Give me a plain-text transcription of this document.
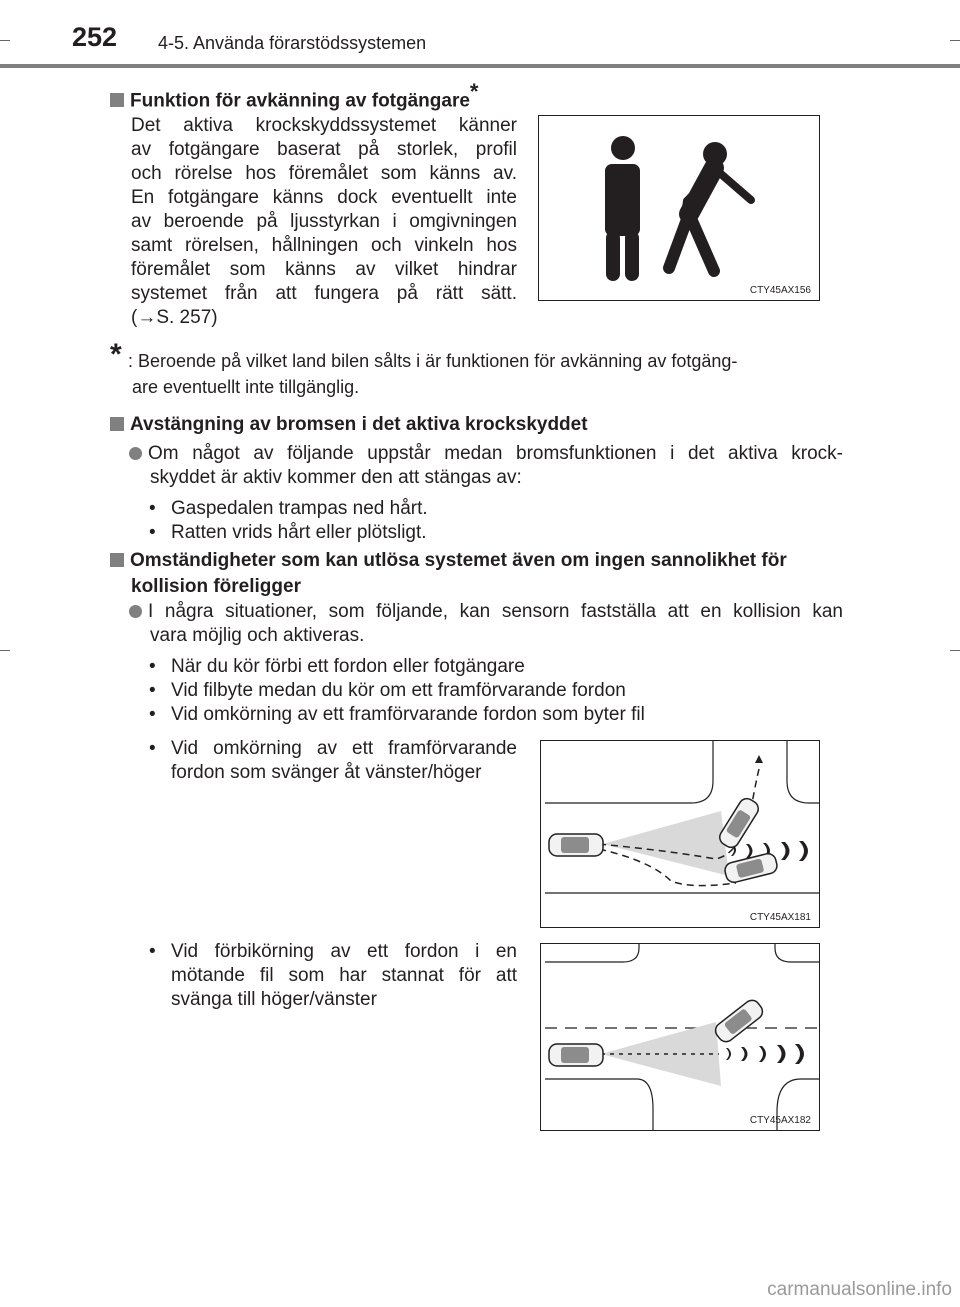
252 4-5. Använda förarstödssystemen
Funktion för avkänning av fotgängare*
Det aktiva krockskyddssystemet känner
av fotgängare baserat på storlek, profil
och rörelse hos föremålet som känns av.
En fotgängare känns dock eventuellt inte
av beroende på ljusstyrkan i omgivningen
samt rörelsen, hållningen och vinkeln hos
föremålet som känns av vilket hindrar
systemet från att fungera på rätt sätt.
(→S. 257)
CTY45AX156
* : Beroende på vilket land bilen sålts i är funktionen för avkänning av fotgäng-
are eventuellt inte tillgänglig.
Avstängning av bromsen i det aktiva krockskyddet
Om något av följande uppstår medan bromsfunktionen i det aktiva krock-
skyddet är aktiv kommer den att stängas av:
• Gaspedalen trampas ned hårt.
• Ratten vrids hårt eller plötsligt.
Omständigheter som kan utlösa systemet även om ingen sannolikhet för
kollision föreligger
I några situationer, som följande, kan sensorn fastställa att en kollision kan
vara möjlig och aktiveras.
• När du kör förbi ett fordon eller fotgängare
• Vid filbyte medan du kör om ett framförvarande fordon
• Vid omkörning av ett framförvarande fordon som byter fil
• Vid omkörning av ett framförvarande
fordon som svänger åt vänster/höger
CTY45AX181
• Vid förbikörning av ett fordon i en
mötande fil som har stannat för att
svänga till höger/vänster
CTY45AX182
carmanualsonline.info
